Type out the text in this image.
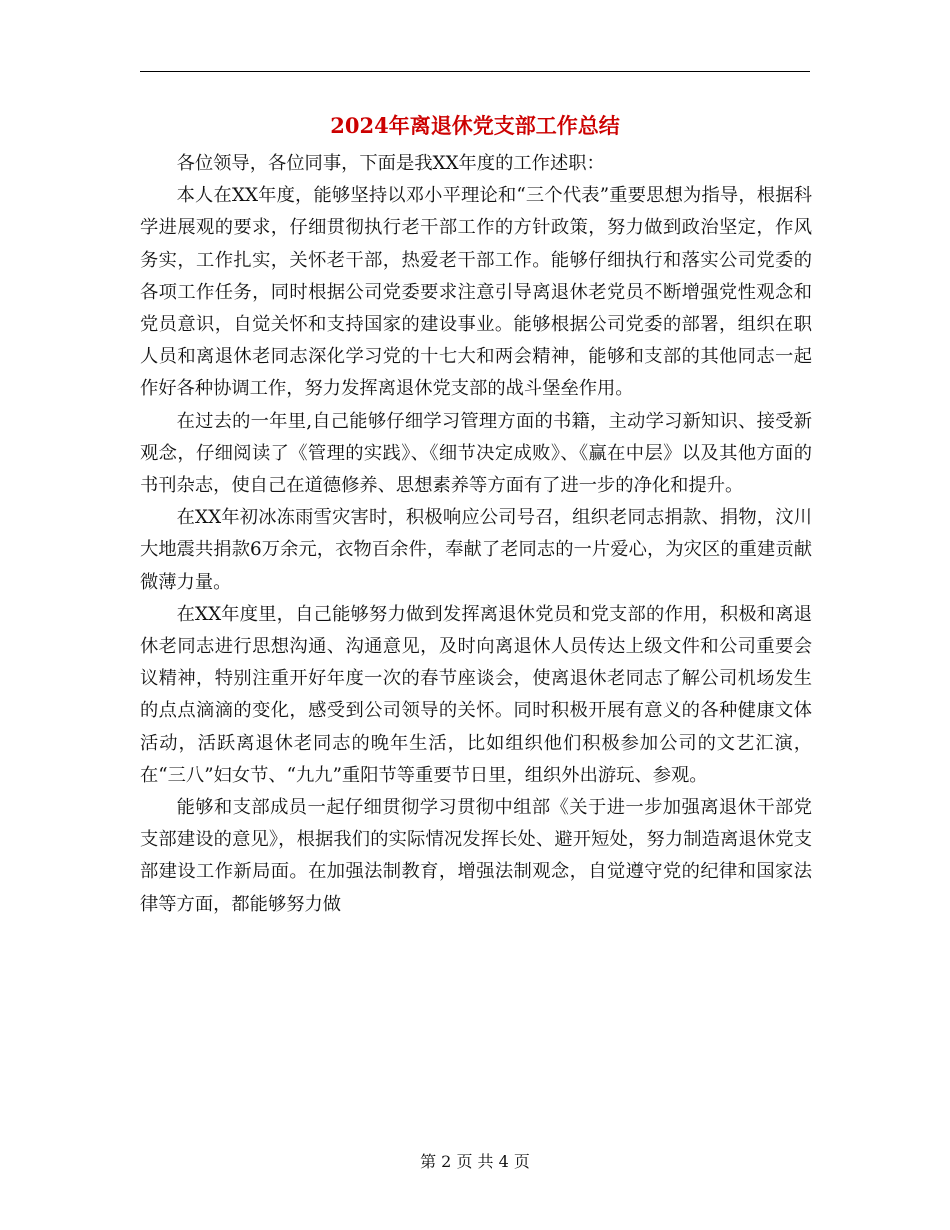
2024年离退休党支部工作总结

各位领导，各位同事，下面是我XX年度的工作述职：

本人在XX年度，能够坚持以邓小平理论和“三个代表”重要思想为指导，根据科学进展观的要求，仔细贯彻执行老干部工作的方针政策，努力做到政治坚定，作风务实，工作扎实，关怀老干部，热爱老干部工作。能够仔细执行和落实公司党委的各项工作任务，同时根据公司党委要求注意引导离退休老党员不断增强党性观念和党员意识，自觉关怀和支持国家的建设事业。能够根据公司党委的部署，组织在职人员和离退休老同志深化学习党的十七大和两会精神，能够和支部的其他同志一起作好各种协调工作，努力发挥离退休党支部的战斗堡垒作用。

在过去的一年里,自己能够仔细学习管理方面的书籍，主动学习新知识、接受新观念，仔细阅读了《管理的实践》、《细节决定成败》、《赢在中层》以及其他方面的书刊杂志，使自己在道德修养、思想素养等方面有了进一步的净化和提升。

在XX年初冰冻雨雪灾害时，积极响应公司号召，组织老同志捐款、捐物，汶川大地震共捐款6万余元，衣物百余件，奉献了老同志的一片爱心，为灾区的重建贡献微薄力量。

在XX年度里，自己能够努力做到发挥离退休党员和党支部的作用，积极和离退休老同志进行思想沟通、沟通意见，及时向离退休人员传达上级文件和公司重要会议精神，特别注重开好年度一次的春节座谈会，使离退休老同志了解公司机场发生的点点滴滴的变化，感受到公司领导的关怀。同时积极开展有意义的各种健康文体活动，活跃离退休老同志的晚年生活，比如组织他们积极参加公司的文艺汇演，在“三八”妇女节、“九九”重阳节等重要节日里，组织外出游玩、参观。

能够和支部成员一起仔细贯彻学习贯彻中组部《关于进一步加强离退休干部党支部建设的意见》，根据我们的实际情况发挥长处、避开短处，努力制造离退休党支部建设工作新局面。在加强法制教育，增强法制观念，自觉遵守党的纪律和国家法律等方面，都能够努力做

第 2 页 共 4 页
